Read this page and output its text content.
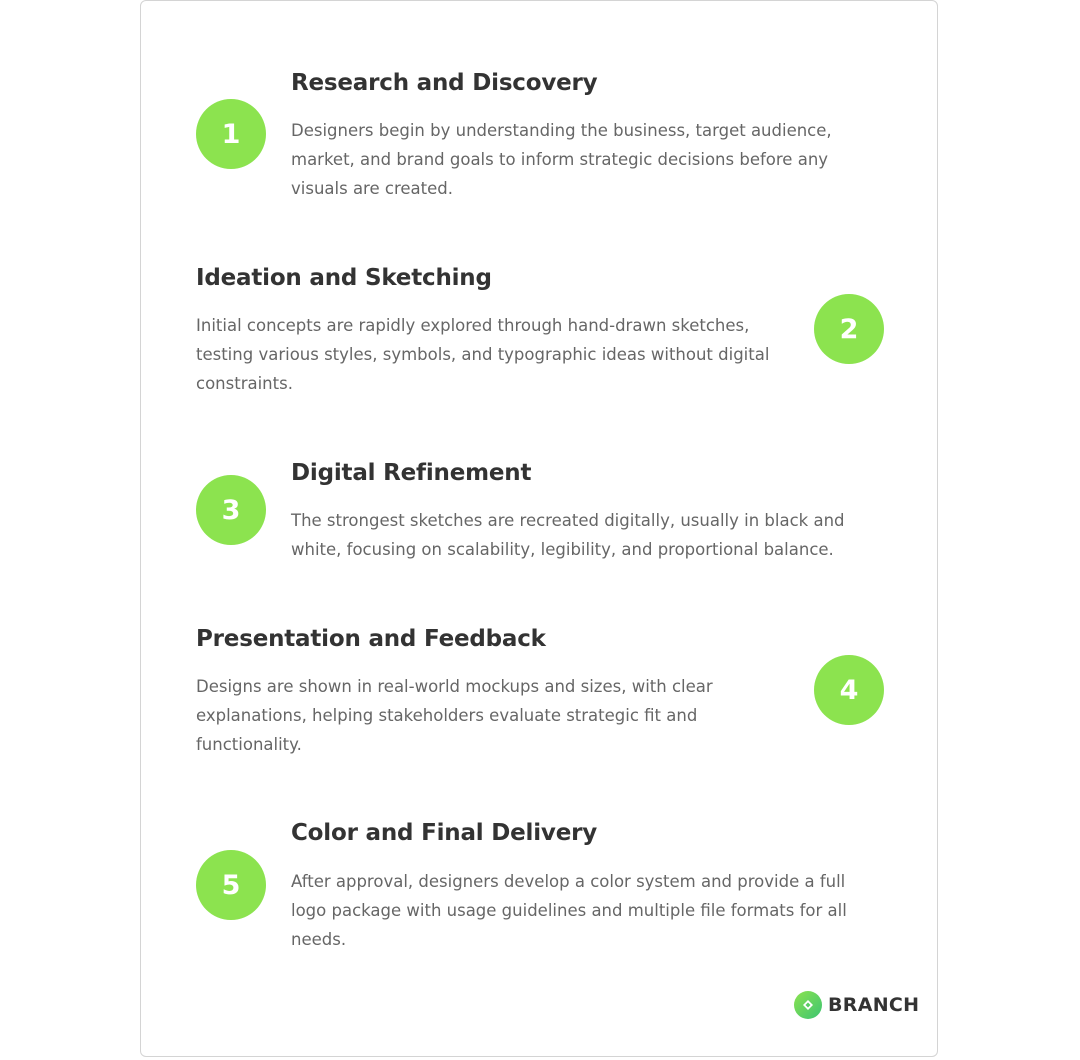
1
Research and Discovery

Designers begin by understanding the business, target audience, market, and brand goals to inform strategic decisions before any visuals are created.

Ideation and Sketching

Initial concepts are rapidly explored through hand-drawn sketches, testing various styles, symbols, and typographic ideas without digital constraints.

2
3
Digital Refinement

The strongest sketches are recreated digitally, usually in black and white, focusing on scalability, legibility, and proportional balance.

Presentation and Feedback

Designs are shown in real-world mockups and sizes, with clear explanations, helping stakeholders evaluate strategic fit and functionality.

4
5
Color and Final Delivery

After approval, designers develop a color system and provide a full logo package with usage guidelines and multiple file formats for all needs.

BRANCH
